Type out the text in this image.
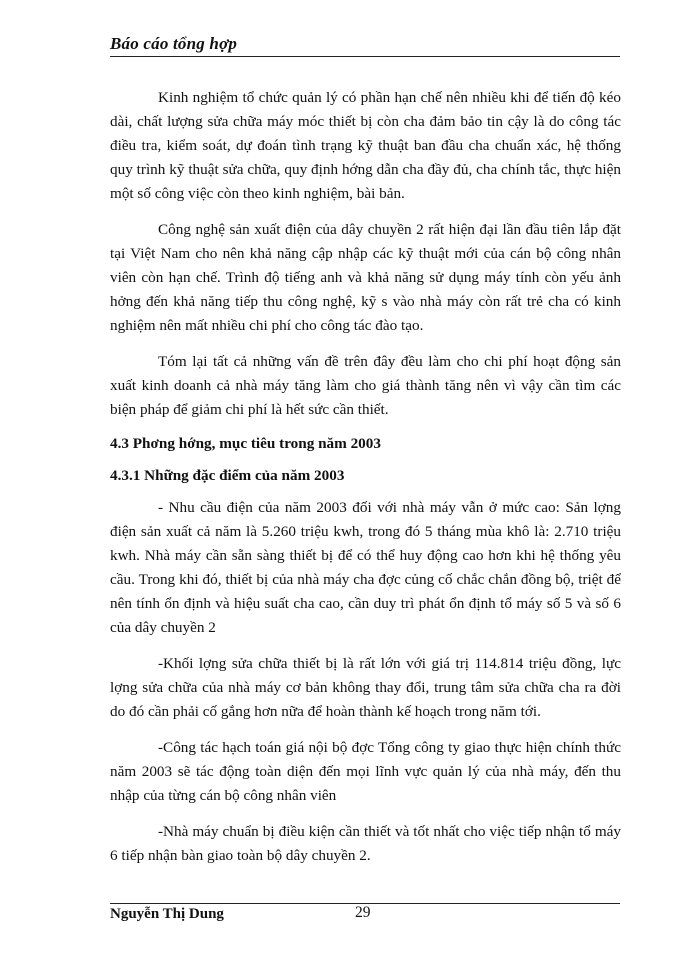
Báo cáo tổng hợp

Kinh nghiệm tổ chức quản lý có phần hạn chế nên nhiều khi để tiến độ kéo dài, chất lượng sửa chữa máy móc thiết bị còn cha đảm bảo tin cậy là do công tác điều tra, kiểm soát, dự đoán tình trạng kỹ thuật ban đầu cha chuẩn xác, hệ thống quy trình kỹ thuật sửa chữa, quy định hớng dẫn cha đầy đủ, cha chính tắc, thực hiện một số công việc còn theo kinh nghiệm, bài bản.

Công nghệ sản xuất điện của dây chuyền 2 rất hiện đại lần đầu tiên lắp đặt tại Việt Nam cho nên khả năng cập nhập các kỹ thuật mới của cán bộ công nhân viên còn hạn chế. Trình độ tiếng anh và khả năng sử dụng máy tính còn yếu ảnh hởng đến khả năng tiếp thu công nghệ, kỹ s vào nhà máy còn rất trẻ cha có kinh nghiệm nên mất nhiều chi phí cho công tác đào tạo.

Tóm lại tất cả những vấn đề trên đây đều làm cho chi phí hoạt động sản xuất kinh doanh cả nhà máy tăng làm cho giá thành tăng nên vì vậy cần tìm các biện pháp để giảm chi phí là hết sức cần thiết.

4.3 Phơng hớng, mục tiêu trong năm 2003

4.3.1 Những đặc điểm của năm 2003

- Nhu cầu điện của năm 2003 đối với nhà máy vẫn ở mức cao: Sản lợng điện sản xuất cả năm là 5.260 triệu kwh, trong đó 5 tháng mùa khô là: 2.710 triệu kwh. Nhà máy cần sẵn sàng thiết bị để có thể huy động cao hơn khi hệ thống yêu cầu. Trong khi đó, thiết bị của nhà máy cha đợc củng cố chắc chắn đồng bộ, triệt để nên tính ổn định và hiệu suất cha cao, cần duy trì phát ổn định tổ máy số 5 và số 6 của dây chuyền 2

-Khối lợng sửa chữa thiết bị là rất lớn với giá trị 114.814 triệu đồng, lực lợng sửa chữa của nhà máy cơ bản không thay đổi, trung tâm sửa chữa cha ra đời do đó cần phải cố gắng hơn nữa để hoàn thành kế hoạch trong năm tới.

-Công tác hạch toán giá nội bộ đợc Tổng công ty giao thực hiện chính thức năm 2003 sẽ tác động toàn diện đến mọi lĩnh vực quản lý của nhà máy, đến thu nhập của từng cán bộ công nhân viên

-Nhà máy chuẩn bị điều kiện cần thiết và tốt nhất cho việc tiếp nhận tổ máy 6 tiếp nhận bàn giao toàn bộ dây chuyền 2.

Nguyễn Thị Dung	29
